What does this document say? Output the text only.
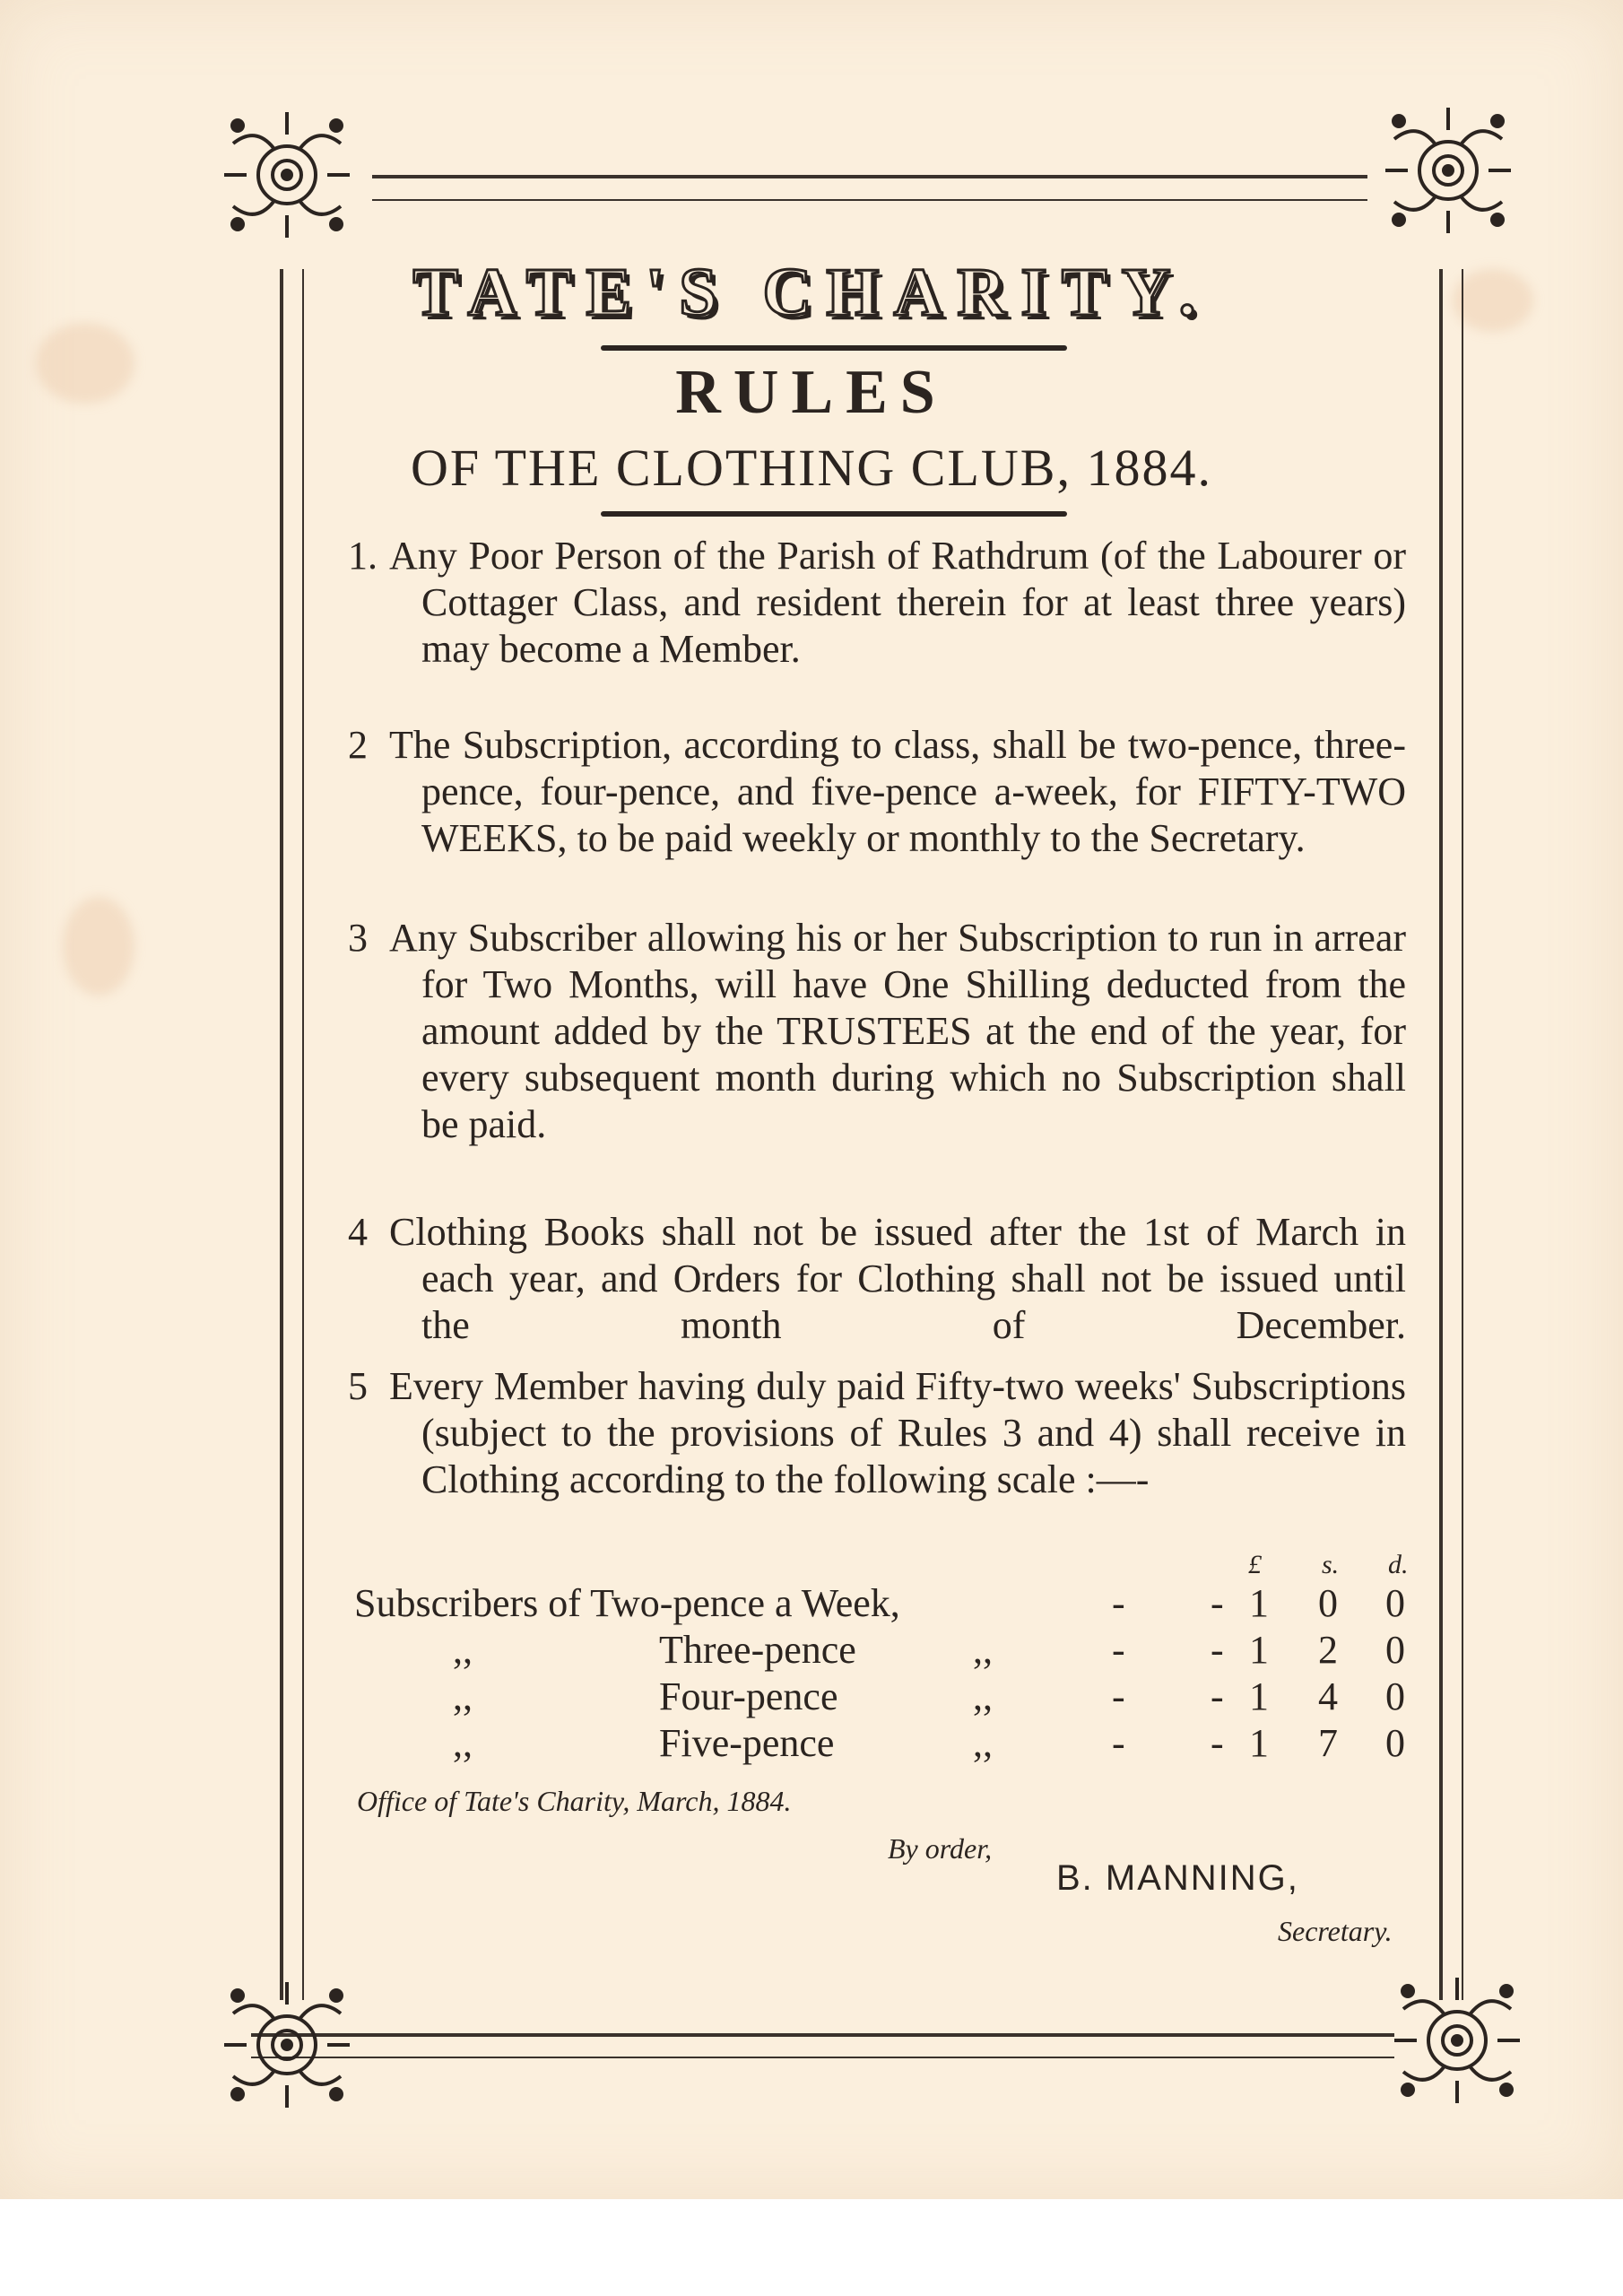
TATE'S CHARITY.
RULES
OF THE CLOTHING CLUB, 1884.
1. Any Poor Person of the Parish of Rathdrum (of the Labourer or Cottager Class, and resident therein for at least three years) may become a Member.
2 The Subscription, according to class, shall be two-pence, three-pence, four-pence, and five-pence a-week, for FIFTY-TWO WEEKS, to be paid weekly or monthly to the Secretary.
3 Any Subscriber allowing his or her Subscription to run in arrear for Two Months, will have One Shilling deducted from the amount added by the TRUSTEES at the end of the year, for every subsequent month during which no Subscription shall be paid.
4 Clothing Books shall not be issued after the 1st of March in each year, and Orders for Clothing shall not be issued until the month of December.
5 Every Member having duly paid Fifty-two weeks' Subscriptions (subject to the provisions of Rules 3 and 4) shall receive in Clothing according to the following scale :—-
£ s. d.
Subscribers of Two-pence a Week,	- - 1 0 0
,,	Three-pence	,,	- - 1 2 0
,,	Four-pence	,,	- - 1 4 0
,,	Five-pence	,,	- - 1 7 0
Office of Tate's Charity, March, 1884.
By order,
B. MANNING,
Secretary.
